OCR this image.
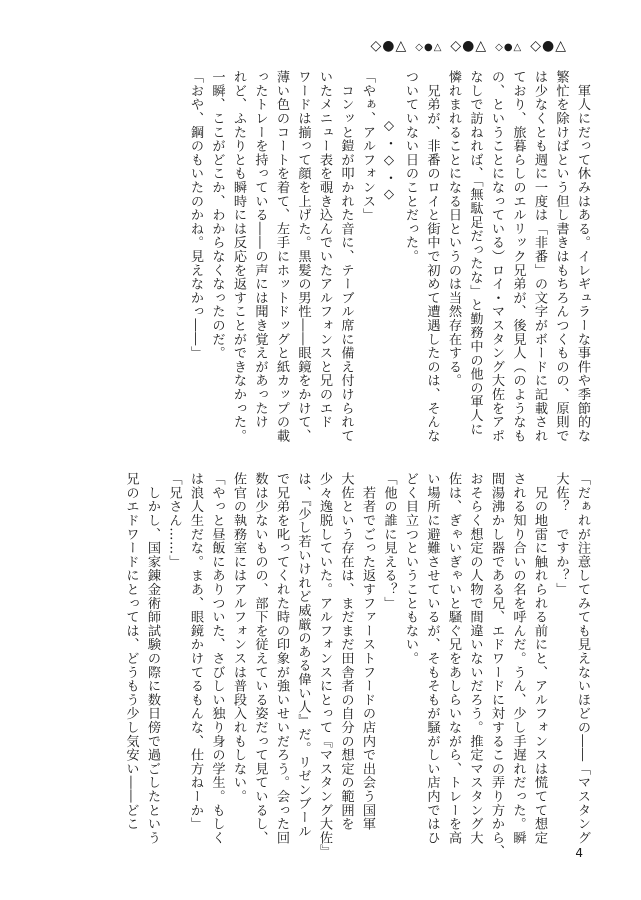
◇●△ ◇●△ ◇●△ ◇●△ ◇●△

　軍人にだって休みはある。イレギュラーな事件や季節的な

繁忙を除けばという但し書きはもちろんつくものの、原則で

は少なくとも週に一度は「非番」の文字がボードに記載され

ており、旅暮らしのエルリック兄弟が、後見人（のようなも

の、ということになっている）ロイ・マスタング大佐をアポ

なしで訪ねれば、「無駄足だったな」と勤務中の他の軍人に

憐れまれることになる日というのは当然存在する。

　兄弟が、非番のロイと街中で初めて遭遇したのは、そんな

ついていない日のことだった。

　　　◇・◇・◇

「やぁ、アルフォンス」

　コンッと鎧が叩かれた音に、テーブル席に備え付けられて

いたメニュー表を覗き込んでいたアルフォンスと兄のエド

ワードは揃って顔を上げた。黒髪の男性――眼鏡をかけて、

薄い色のコートを着て、左手にホットドッグと紙カップの載

ったトレーを持っている――の声には聞き覚えがあったけ

れど、ふたりとも瞬時には反応を返すことができなかった。

一瞬、ここがどこか、わからなくなったのだ。

「おや、鋼のもいたのかね。見えなかっ――」

「だぁれが注意してみても見えないほどの――「マスタング

大佐？　ですか？」

　兄の地雷に触れられる前にと、アルフォンスは慌てて想定

される知り合いの名を呼んだ。うん、少し手遅れだった。瞬

間湯沸かし器である兄、エドワードに対するこの弄り方から、

おそらく想定の人物で間違いないだろう。推定マスタング大

佐は、ぎゃいぎゃいと騒ぐ兄をあしらいながら、トレーを高

い場所に避難させているが、そもそもが騒がしい店内ではひ

どく目立つということもない。

「他の誰に見える？」

　若者でごった返すファーストフードの店内で出会う国軍

大佐という存在は、まだまだ田舎者の自分の想定の範囲を

少々逸脱していた。アルフォンスにとって『マスタング大佐』

は、『少し若いけれど威厳のある偉い人』だ。リゼンブール

で兄弟を叱ってくれた時の印象が強いせいだろう。会った回

数は少ないものの、部下を従えている姿だって見ているし、

佐官の執務室にはアルフォンスは普段入れもしない。

「やっと昼飯にありついた、さびしい独り身の学生。もしく

は浪人生だな。まあ、眼鏡かけてるもんな、仕方ねーか」

「兄さん……」

　しかし、国家錬金術師試験の際に数日傍で過ごしたという

兄のエドワードにとっては、どうもう少し気安い――どこ

4
